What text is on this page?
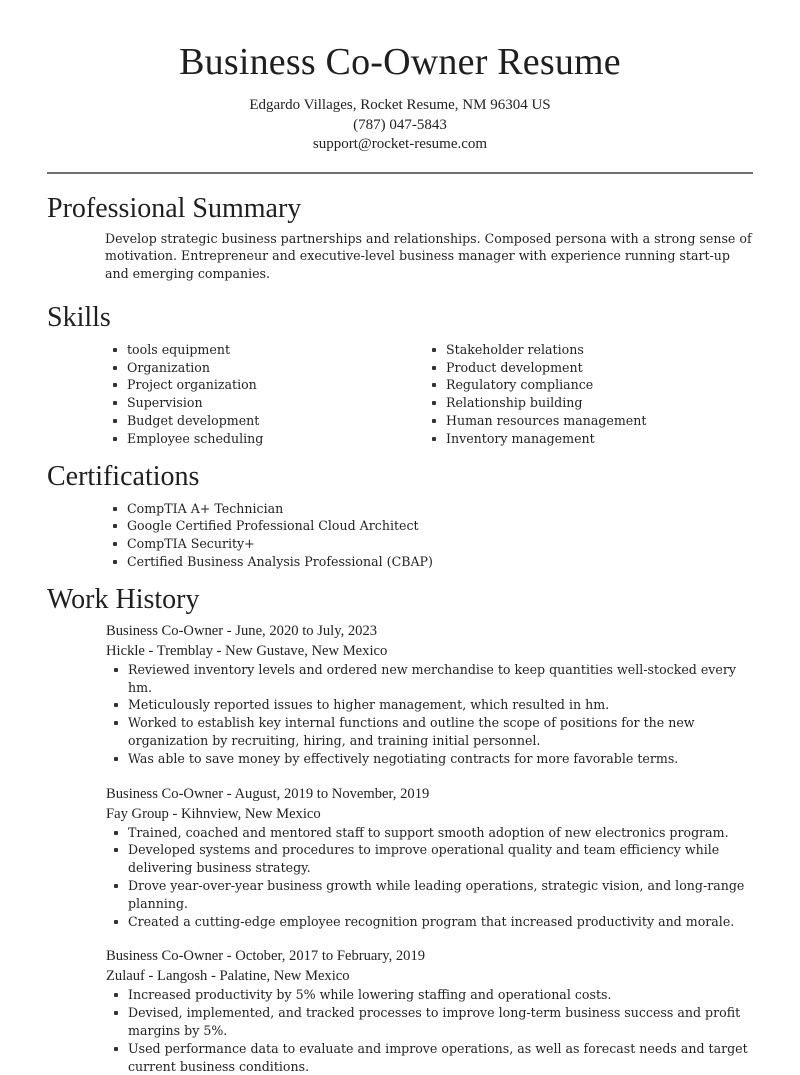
Business Co-Owner Resume
Edgardo Villages, Rocket Resume, NM 96304 US
(787) 047-5843
support@rocket-resume.com
Professional Summary
Develop strategic business partnerships and relationships. Composed persona with a strong sense of motivation. Entrepreneur and executive-level business manager with experience running start-up and emerging companies.
Skills
tools equipment
Organization
Project organization
Supervision
Budget development
Employee scheduling
Stakeholder relations
Product development
Regulatory compliance
Relationship building
Human resources management
Inventory management
Certifications
CompTIA A+ Technician
Google Certified Professional Cloud Architect
CompTIA Security+
Certified Business Analysis Professional (CBAP)
Work History
Business Co-Owner - June, 2020 to July, 2023
Hickle - Tremblay - New Gustave, New Mexico
Reviewed inventory levels and ordered new merchandise to keep quantities well-stocked every hm.
Meticulously reported issues to higher management, which resulted in hm.
Worked to establish key internal functions and outline the scope of positions for the new organization by recruiting, hiring, and training initial personnel.
Was able to save money by effectively negotiating contracts for more favorable terms.
Business Co-Owner - August, 2019 to November, 2019
Fay Group - Kihnview, New Mexico
Trained, coached and mentored staff to support smooth adoption of new electronics program.
Developed systems and procedures to improve operational quality and team efficiency while delivering business strategy.
Drove year-over-year business growth while leading operations, strategic vision, and long-range planning.
Created a cutting-edge employee recognition program that increased productivity and morale.
Business Co-Owner - October, 2017 to February, 2019
Zulauf - Langosh - Palatine, New Mexico
Increased productivity by 5% while lowering staffing and operational costs.
Devised, implemented, and tracked processes to improve long-term business success and profit margins by 5%.
Used performance data to evaluate and improve operations, as well as forecast needs and target current business conditions.
